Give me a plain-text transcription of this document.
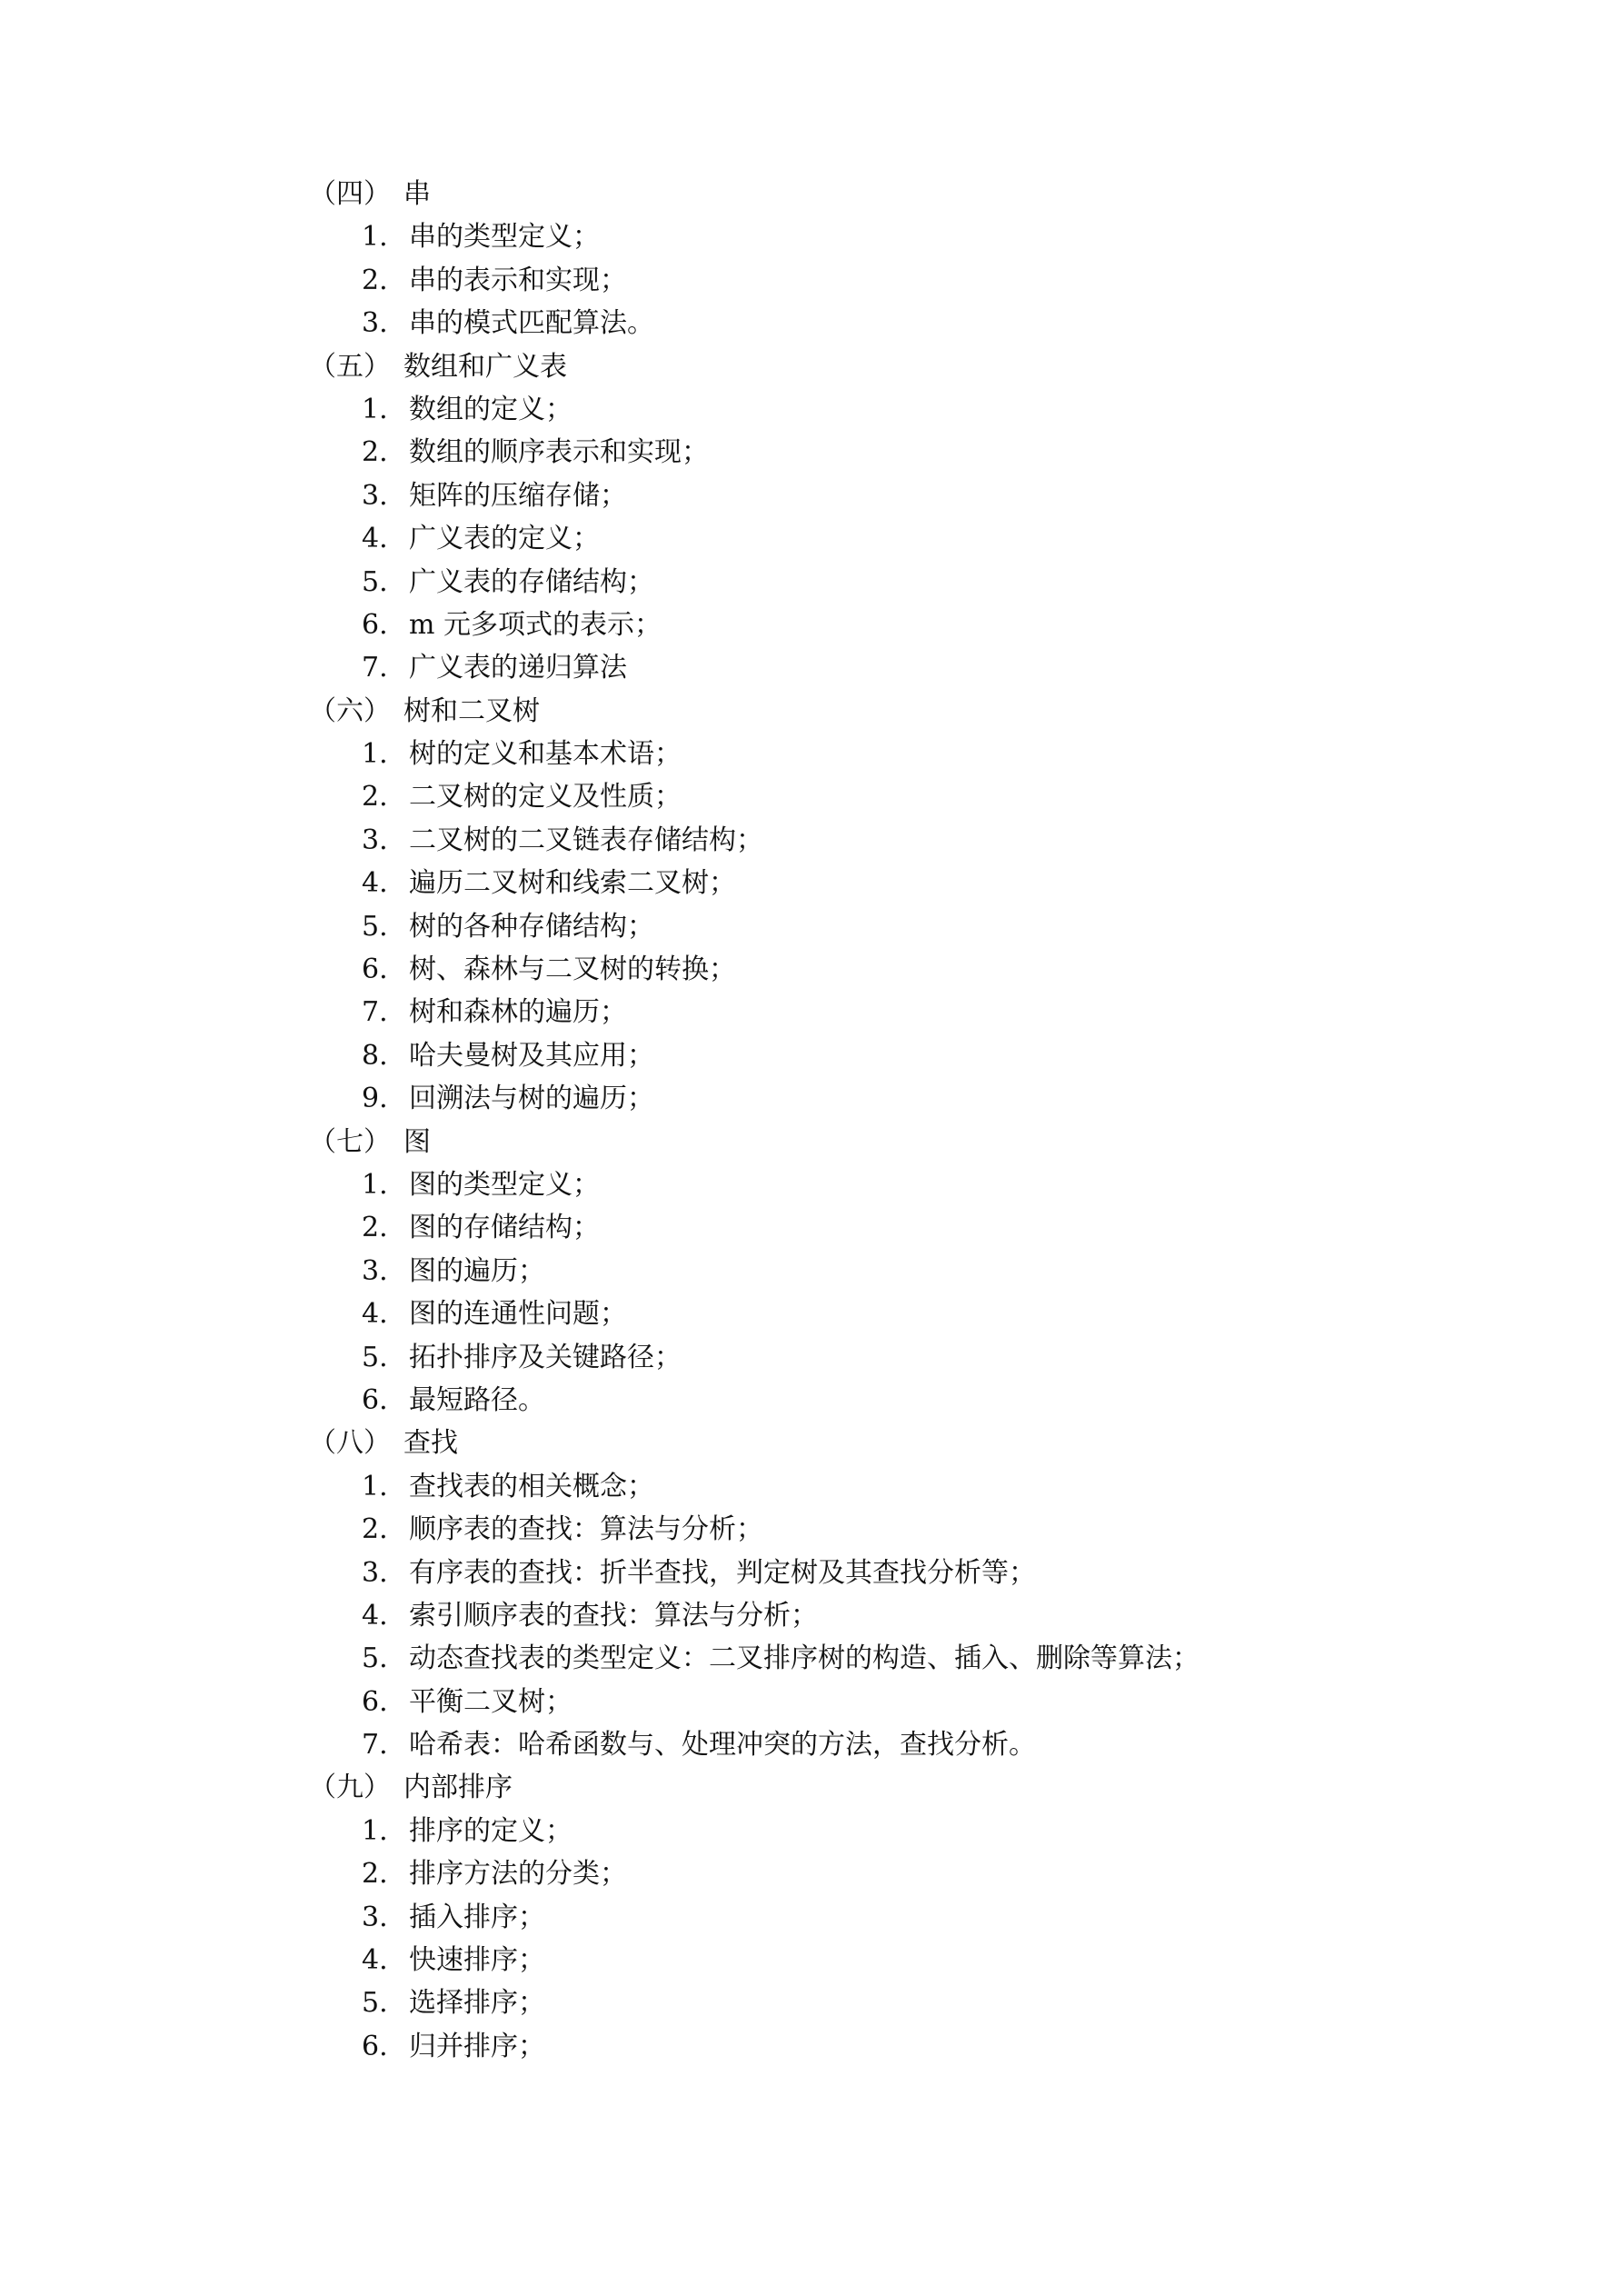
（四） 串
1. 串的类型定义；
2. 串的表示和实现；
3. 串的模式匹配算法。
（五） 数组和广义表
1. 数组的定义；
2. 数组的顺序表示和实现；
3. 矩阵的压缩存储；
4. 广义表的定义；
5. 广义表的存储结构；
6. m 元多项式的表示；
7. 广义表的递归算法
（六） 树和二叉树
1. 树的定义和基本术语；
2. 二叉树的定义及性质；
3. 二叉树的二叉链表存储结构；
4. 遍历二叉树和线索二叉树；
5. 树的各种存储结构；
6. 树、森林与二叉树的转换；
7. 树和森林的遍历；
8. 哈夫曼树及其应用；
9. 回溯法与树的遍历；
（七） 图
1. 图的类型定义；
2. 图的存储结构；
3. 图的遍历；
4. 图的连通性问题；
5. 拓扑排序及关键路径；
6. 最短路径。
（八） 查找
1. 查找表的相关概念；
2. 顺序表的查找：算法与分析；
3. 有序表的查找：折半查找，判定树及其查找分析等；
4. 索引顺序表的查找：算法与分析；
5. 动态查找表的类型定义：二叉排序树的构造、插入、删除等算法；
6. 平衡二叉树；
7. 哈希表：哈希函数与、处理冲突的方法，查找分析。
（九） 内部排序
1. 排序的定义；
2. 排序方法的分类；
3. 插入排序；
4. 快速排序；
5. 选择排序；
6. 归并排序；
